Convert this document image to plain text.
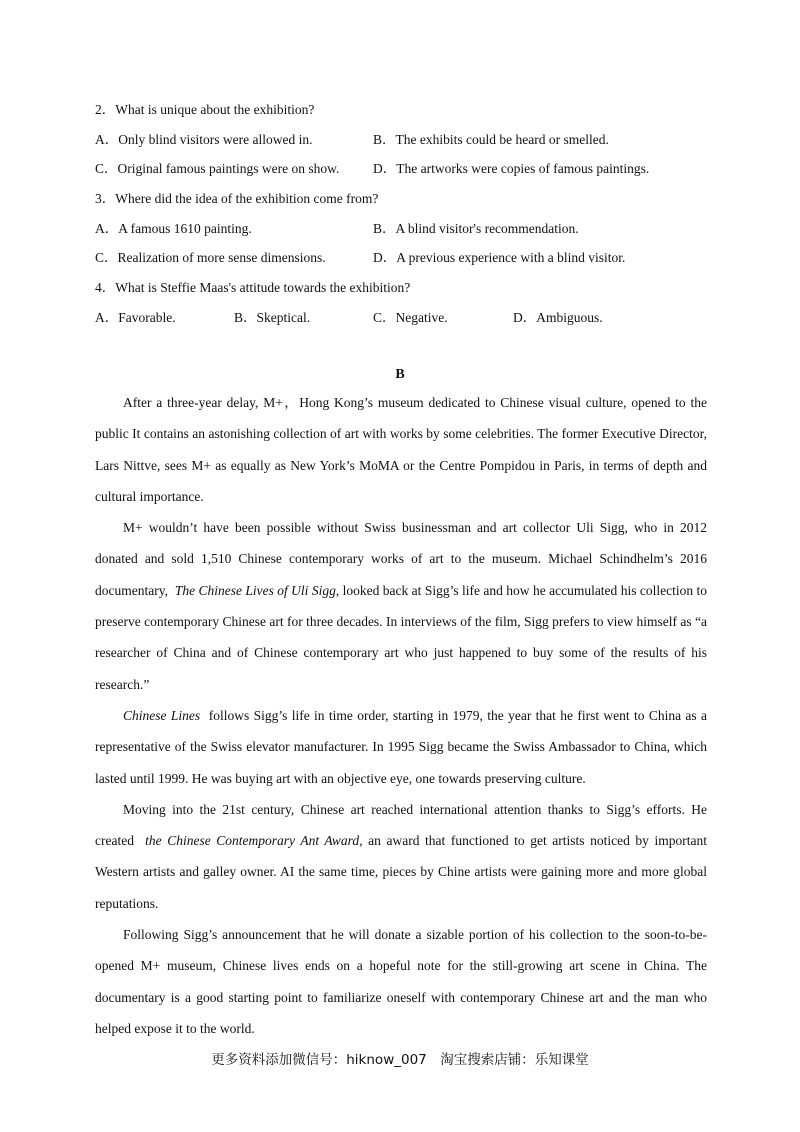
2．What is unique about the exhibition?
A．Only blind visitors were allowed in.	B．The exhibits could be heard or smelled.
C．Original famous paintings were on show. D．The artworks were copies of famous paintings.
3．Where did the idea of the exhibition come from?
A．A famous 1610 painting.	B．A blind visitor's recommendation.
C．Realization of more sense dimensions.	D．A previous experience with a blind visitor.
4．What is Steffie Maas's attitude towards the exhibition?
A．Favorable.	B．Skeptical.	C．Negative.	D．Ambiguous.
B

After a three-year delay, M+，Hong Kong’s museum dedicated to Chinese visual culture, opened to the public It contains an astonishing collection of art with works by some celebrities. The former Executive Director, Lars Nittve, sees M+ as equally as New York’s MoMA or the Centre Pompidou in Paris, in terms of depth and cultural importance.

M+ wouldn’t have been possible without Swiss businessman and art collector Uli Sigg, who in 2012 donated and sold 1,510 Chinese contemporary works of art to the museum. Michael Schindhelm’s 2016 documentary, The Chinese Lives of Uli Sigg, looked back at Sigg’s life and how he accumulated his collection to preserve contemporary Chinese art for three decades. In interviews of the film, Sigg prefers to view himself as “a researcher of China and of Chinese contemporary art who just happened to buy some of the results of his research.”

Chinese Lines follows Sigg’s life in time order, starting in 1979, the year that he first went to China as a representative of the Swiss elevator manufacturer. In 1995 Sigg became the Swiss Ambassador to China, which lasted until 1999. He was buying art with an objective eye, one towards preserving culture.

Moving into the 21st century, Chinese art reached international attention thanks to Sigg’s efforts. He created the Chinese Contemporary Ant Award, an award that functioned to get artists noticed by important Western artists and galley owner. AI the same time, pieces by Chine artists were gaining more and more global reputations.

Following Sigg’s announcement that he will donate a sizable portion of his collection to the soon-to-be-opened M+ museum, Chinese lives ends on a hopeful note for the still-growing art scene in China. The documentary is a good starting point to familiarize oneself with contemporary Chinese art and the man who helped expose it to the world.

更多资料添加微信号：hiknow_007　淘宝搜索店铺：乐知课堂
